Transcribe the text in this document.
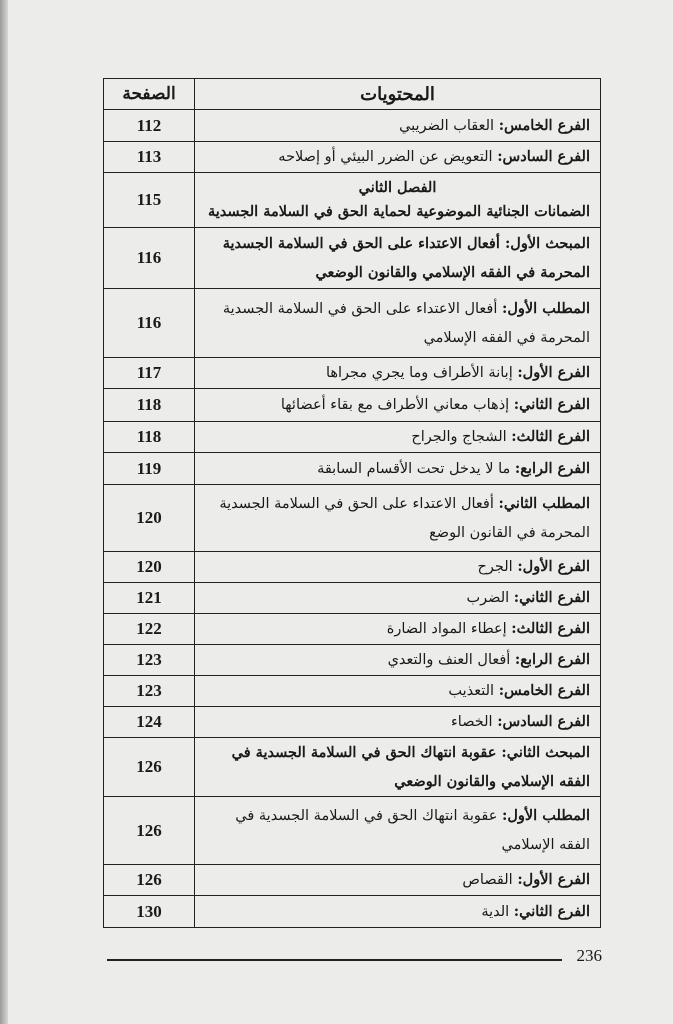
المحتويات	الصفحة
الفرع الخامس: العقاب الضريبي	112
الفرع السادس: التعويض عن الضرر البيئي أو إصلاحه	113

الفصل الثاني
الضمانات الجنائية الموضوعية لحماية الحق في السلامة الجسدية	115
المبحث الأول: أفعال الاعتداء على الحق في السلامة الجسدية المحرمة في الفقه الإسلامي والقانون الوضعي	116
المطلب الأول: أفعال الاعتداء على الحق في السلامة الجسدية المحرمة في الفقه الإسلامي	116
الفرع الأول: إبانة الأطراف وما يجري مجراها	117
الفرع الثاني: إذهاب معاني الأطراف مع بقاء أعضائها	118
الفرع الثالث: الشجاج والجراح	118
الفرع الرابع: ما لا يدخل تحت الأقسام السابقة	119
المطلب الثاني: أفعال الاعتداء على الحق في السلامة الجسدية المحرمة في القانون الوضع	120
الفرع الأول: الجرح	120
الفرع الثاني: الضرب	121
الفرع الثالث: إعطاء المواد الضارة	122
الفرع الرابع: أفعال العنف والتعدي	123
الفرع الخامس: التعذيب	123
الفرع السادس: الخصاء	124
المبحث الثاني: عقوبة انتهاك الحق في السلامة الجسدية في الفقه الإسلامي والقانون الوضعي	126
المطلب الأول: عقوبة انتهاك الحق في السلامة الجسدية في الفقه الإسلامي	126
الفرع الأول: القصاص	126
الفرع الثاني: الدية	130
236
